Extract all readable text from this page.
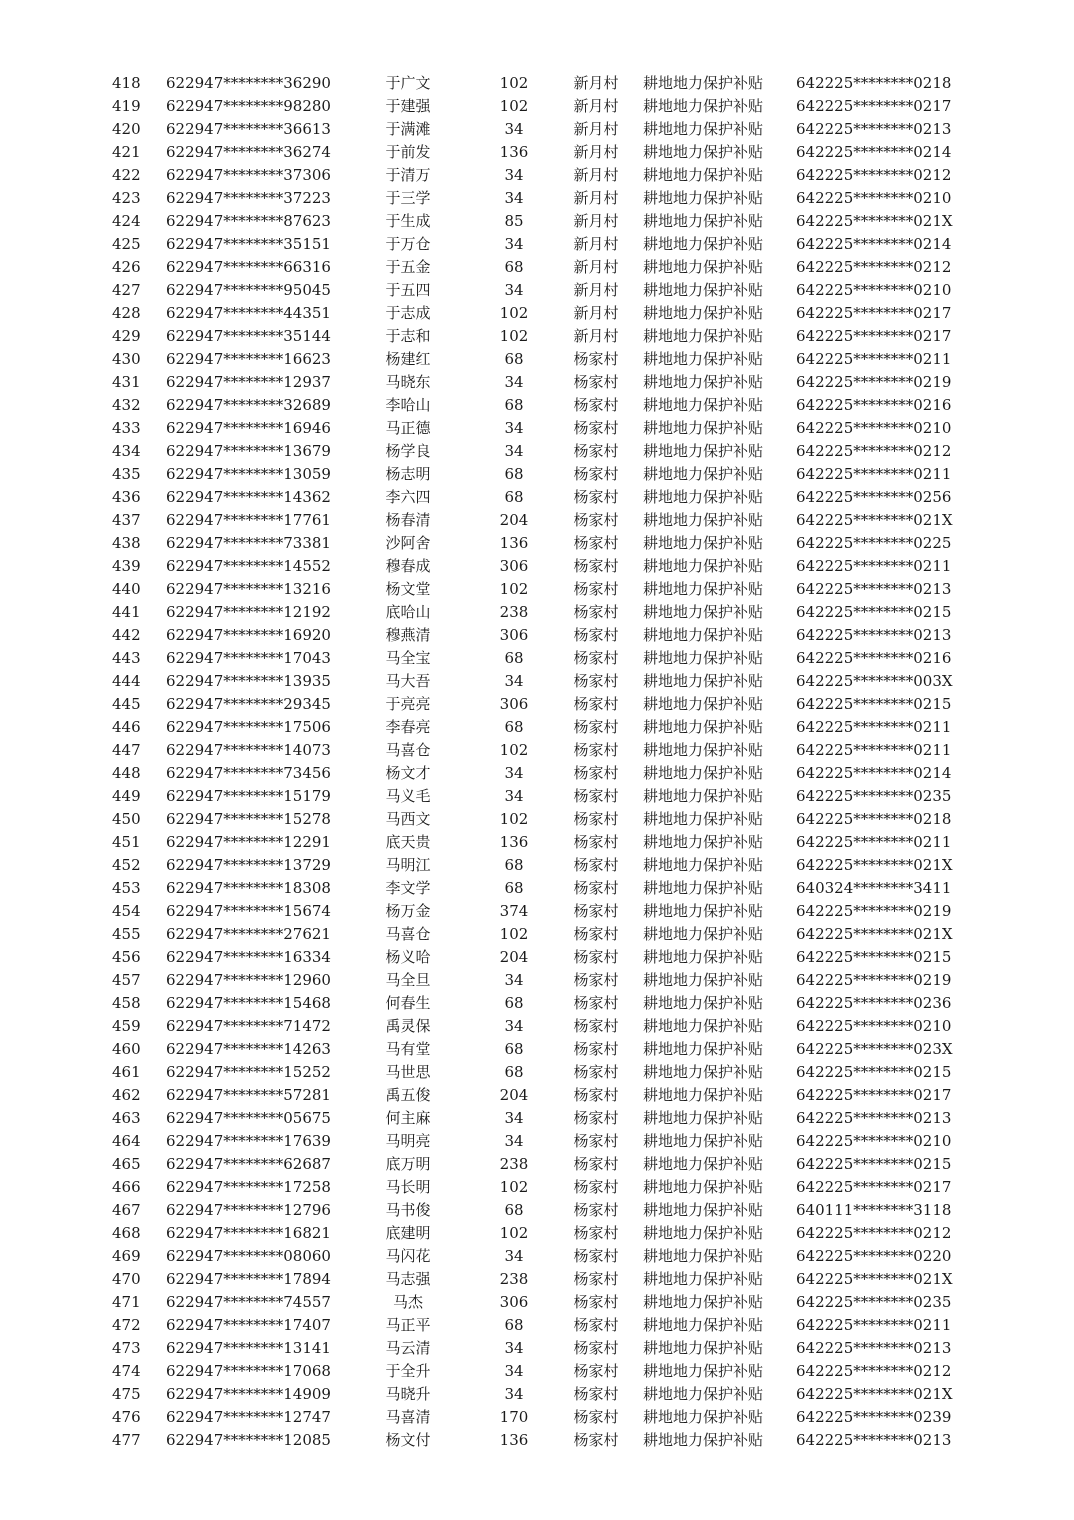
418	622947********36290	于广文	102	新月村	耕地地力保护补贴	642225********0218
419	622947********98280	于建强	102	新月村	耕地地力保护补贴	642225********0217
420	622947********36613	于满滩	34	新月村	耕地地力保护补贴	642225********0213
421	622947********36274	于前发	136	新月村	耕地地力保护补贴	642225********0214
422	622947********37306	于清万	34	新月村	耕地地力保护补贴	642225********0212
423	622947********37223	于三学	34	新月村	耕地地力保护补贴	642225********0210
424	622947********87623	于生成	85	新月村	耕地地力保护补贴	642225********021X
425	622947********35151	于万仓	34	新月村	耕地地力保护补贴	642225********0214
426	622947********66316	于五金	68	新月村	耕地地力保护补贴	642225********0212
427	622947********95045	于五四	34	新月村	耕地地力保护补贴	642225********0210
428	622947********44351	于志成	102	新月村	耕地地力保护补贴	642225********0217
429	622947********35144	于志和	102	新月村	耕地地力保护补贴	642225********0217
430	622947********16623	杨建红	68	杨家村	耕地地力保护补贴	642225********0211
431	622947********12937	马晓东	34	杨家村	耕地地力保护补贴	642225********0219
432	622947********32689	李哈山	68	杨家村	耕地地力保护补贴	642225********0216
433	622947********16946	马正德	34	杨家村	耕地地力保护补贴	642225********0210
434	622947********13679	杨学良	34	杨家村	耕地地力保护补贴	642225********0212
435	622947********13059	杨志明	68	杨家村	耕地地力保护补贴	642225********0211
436	622947********14362	李六四	68	杨家村	耕地地力保护补贴	642225********0256
437	622947********17761	杨春清	204	杨家村	耕地地力保护补贴	642225********021X
438	622947********73381	沙阿舍	136	杨家村	耕地地力保护补贴	642225********0225
439	622947********14552	穆春成	306	杨家村	耕地地力保护补贴	642225********0211
440	622947********13216	杨文堂	102	杨家村	耕地地力保护补贴	642225********0213
441	622947********12192	底哈山	238	杨家村	耕地地力保护补贴	642225********0215
442	622947********16920	穆燕清	306	杨家村	耕地地力保护补贴	642225********0213
443	622947********17043	马全宝	68	杨家村	耕地地力保护补贴	642225********0216
444	622947********13935	马大吾	34	杨家村	耕地地力保护补贴	642225********003X
445	622947********29345	于亮亮	306	杨家村	耕地地力保护补贴	642225********0215
446	622947********17506	李春亮	68	杨家村	耕地地力保护补贴	642225********0211
447	622947********14073	马喜仓	102	杨家村	耕地地力保护补贴	642225********0211
448	622947********73456	杨文才	34	杨家村	耕地地力保护补贴	642225********0214
449	622947********15179	马义毛	34	杨家村	耕地地力保护补贴	642225********0235
450	622947********15278	马西文	102	杨家村	耕地地力保护补贴	642225********0218
451	622947********12291	底天贵	136	杨家村	耕地地力保护补贴	642225********0211
452	622947********13729	马明江	68	杨家村	耕地地力保护补贴	642225********021X
453	622947********18308	李文学	68	杨家村	耕地地力保护补贴	640324********3411
454	622947********15674	杨万金	374	杨家村	耕地地力保护补贴	642225********0219
455	622947********27621	马喜仓	102	杨家村	耕地地力保护补贴	642225********021X
456	622947********16334	杨义哈	204	杨家村	耕地地力保护补贴	642225********0215
457	622947********12960	马全旦	34	杨家村	耕地地力保护补贴	642225********0219
458	622947********15468	何春生	68	杨家村	耕地地力保护补贴	642225********0236
459	622947********71472	禹灵保	34	杨家村	耕地地力保护补贴	642225********0210
460	622947********14263	马有堂	68	杨家村	耕地地力保护补贴	642225********023X
461	622947********15252	马世思	68	杨家村	耕地地力保护补贴	642225********0215
462	622947********57281	禹五俊	204	杨家村	耕地地力保护补贴	642225********0217
463	622947********05675	何主麻	34	杨家村	耕地地力保护补贴	642225********0213
464	622947********17639	马明亮	34	杨家村	耕地地力保护补贴	642225********0210
465	622947********62687	底万明	238	杨家村	耕地地力保护补贴	642225********0215
466	622947********17258	马长明	102	杨家村	耕地地力保护补贴	642225********0217
467	622947********12796	马书俊	68	杨家村	耕地地力保护补贴	640111********3118
468	622947********16821	底建明	102	杨家村	耕地地力保护补贴	642225********0212
469	622947********08060	马闪花	34	杨家村	耕地地力保护补贴	642225********0220
470	622947********17894	马志强	238	杨家村	耕地地力保护补贴	642225********021X
471	622947********74557	马杰	306	杨家村	耕地地力保护补贴	642225********0235
472	622947********17407	马正平	68	杨家村	耕地地力保护补贴	642225********0211
473	622947********13141	马云清	34	杨家村	耕地地力保护补贴	642225********0213
474	622947********17068	于全升	34	杨家村	耕地地力保护补贴	642225********0212
475	622947********14909	马晓升	34	杨家村	耕地地力保护补贴	642225********021X
476	622947********12747	马喜清	170	杨家村	耕地地力保护补贴	642225********0239
477	622947********12085	杨文付	136	杨家村	耕地地力保护补贴	642225********0213
